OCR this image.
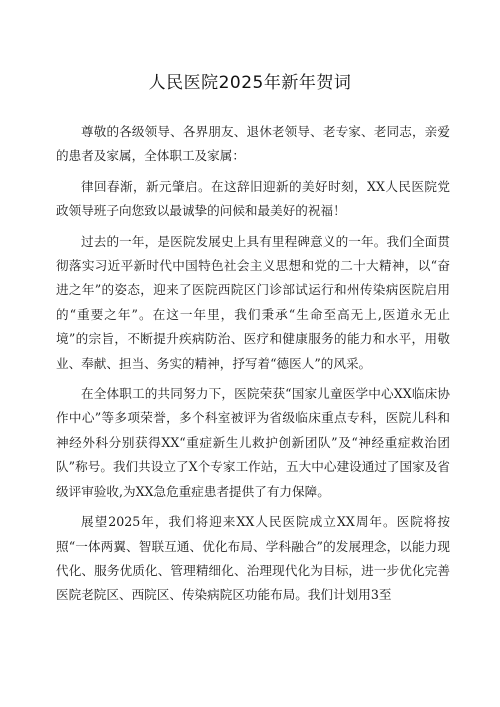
人民医院2025年新年贺词

尊敬的各级领导、各界朋友、退休老领导、老专家、老同志，亲爱的患者及家属，全体职工及家属：

律回春渐，新元肇启。在这辞旧迎新的美好时刻，XX人民医院党政领导班子向您致以最诚挚的问候和最美好的祝福！

过去的一年，是医院发展史上具有里程碑意义的一年。我们全面贯彻落实习近平新时代中国特色社会主义思想和党的二十大精神，以“奋进之年”的姿态，迎来了医院西院区门诊部试运行和州传染病医院启用的“重要之年”。在这一年里，我们秉承“生命至高无上,医道永无止境”的宗旨，不断提升疾病防治、医疗和健康服务的能力和水平，用敬业、奉献、担当、务实的精神，抒写着“德医人”的风采。

在全体职工的共同努力下，医院荣获“国家儿童医学中心XX临床协作中心”等多项荣誉，多个科室被评为省级临床重点专科，医院儿科和神经外科分别获得XX“重症新生儿救护创新团队”及“神经重症救治团队”称号。我们共设立了X个专家工作站，五大中心建设通过了国家及省级评审验收,为XX急危重症患者提供了有力保障。

展望2025年，我们将迎来XX人民医院成立XX周年。医院将按照“一体两翼、智联互通、优化布局、学科融合”的发展理念，以能力现代化、服务优质化、管理精细化、治理现代化为目标，进一步优化完善医院老院区、西院区、传染病院区功能布局。我们计划用3至
